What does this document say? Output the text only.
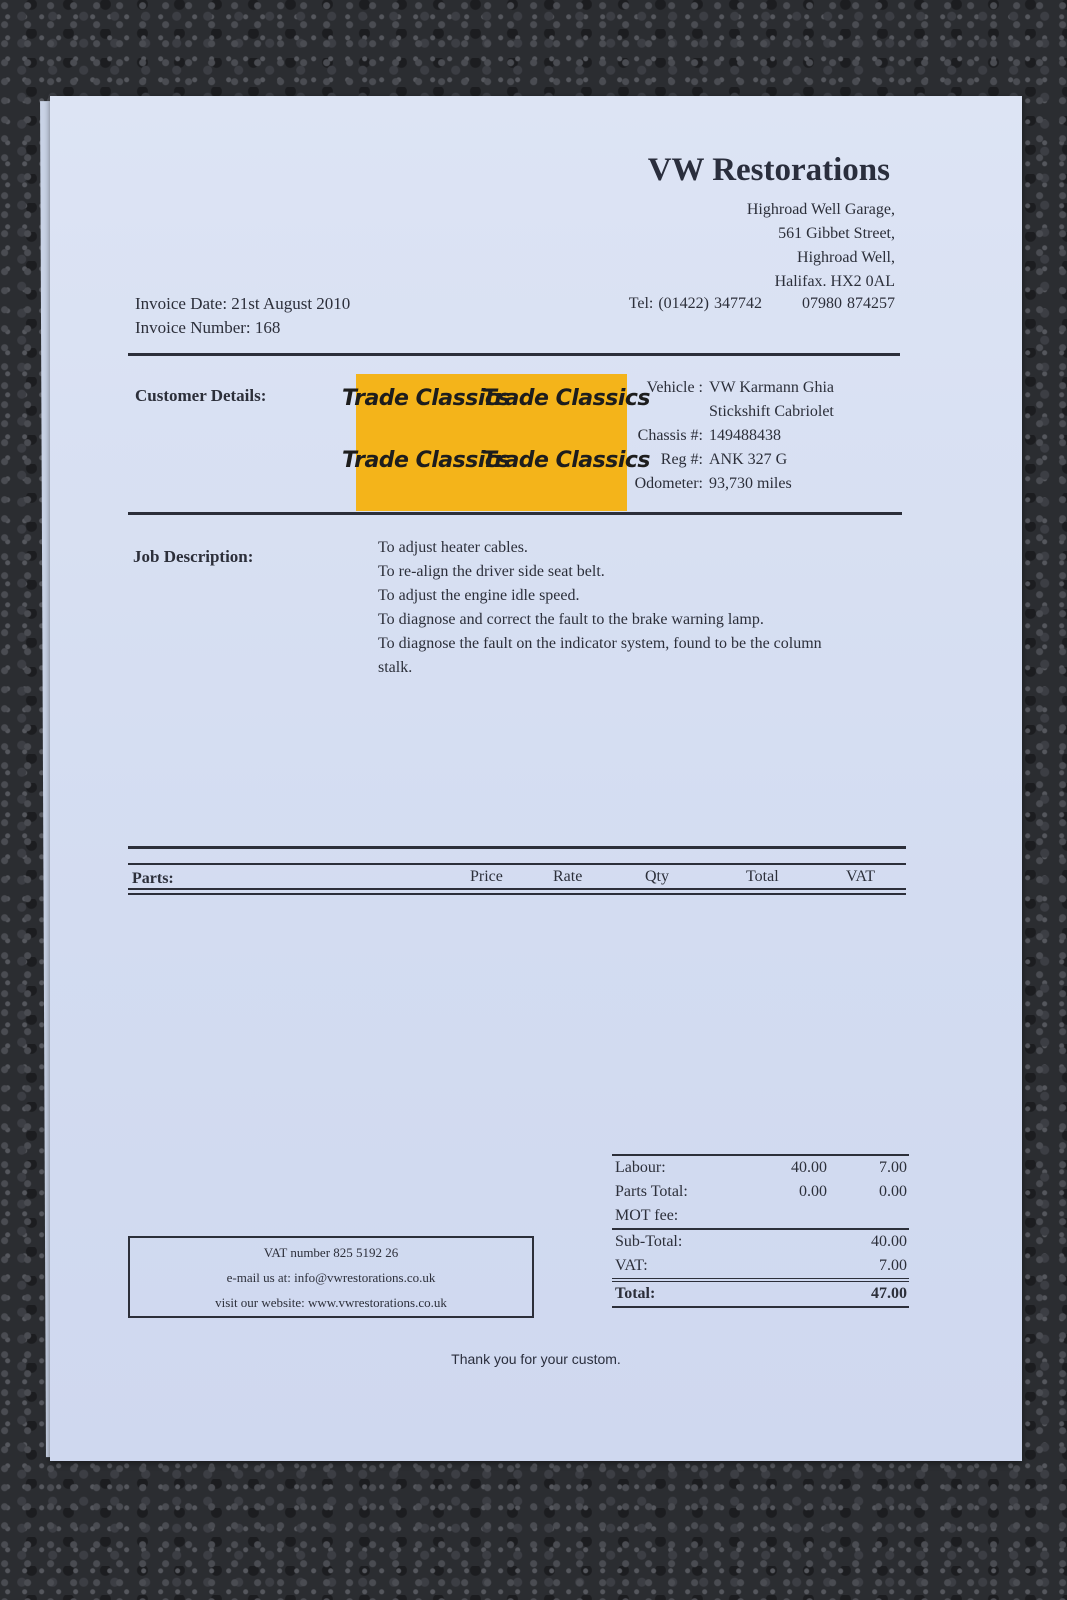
VW Restorations
Highroad Well Garage,
561 Gibbet Street,
Highroad Well,
Halifax. HX2 0AL
Tel: (01422) 347742	07980 874257
Invoice Date: 21st August 2010
Invoice Number: 168
Customer Details:	Trade ClassicsTrade Classics
Trade ClassicsTrade Classics
Vehicle : VW Karmann Ghia
Stickshift Cabriolet
Chassis #: 149488438
Reg #: ANK 327 G
Odometer: 93,730 miles
Job Description:	To adjust heater cables.
To re-align the driver side seat belt.
To adjust the engine idle speed.
To diagnose and correct the fault to the brake warning lamp.
To diagnose the fault on the indicator system, found to be the column
stalk.
Parts:	Price	Rate	Qty	Total	VAT
Labour:	40.00	7.00
Parts Total:	0.00	0.00
MOT fee:
Sub-Total:	40.00
VAT:	7.00
Total:	47.00
VAT number 825 5192 26
e-mail us at: info@vwrestorations.co.uk
visit our website: www.vwrestorations.co.uk
Thank you for your custom.
